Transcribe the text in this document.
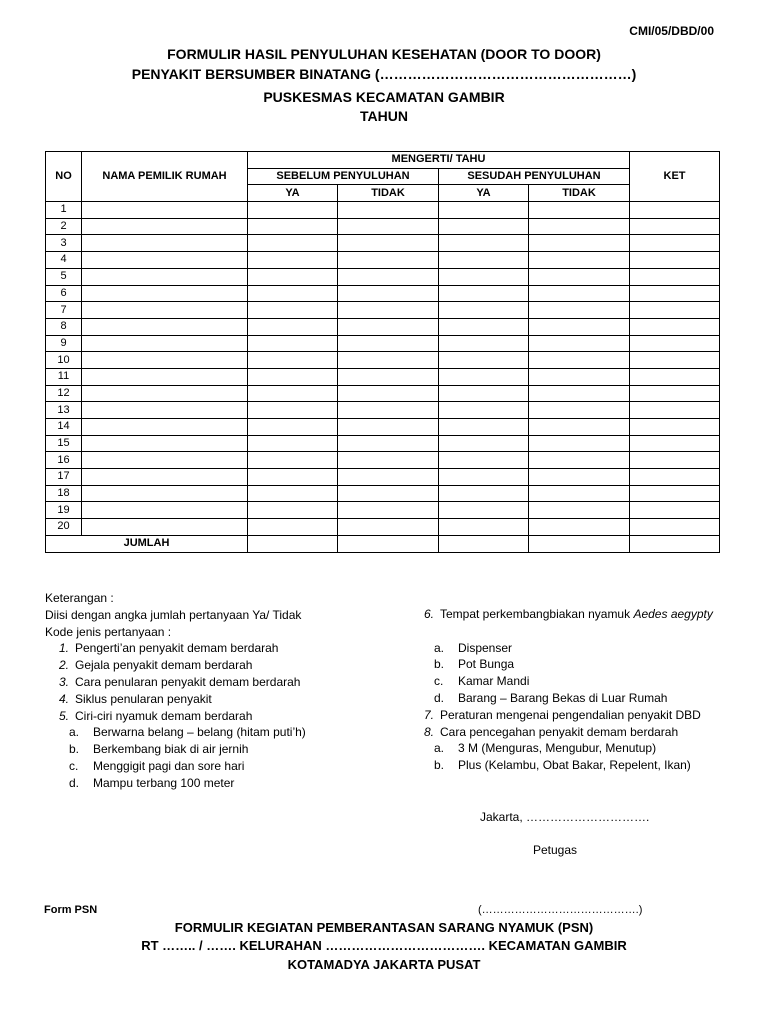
CMI/05/DBD/00
FORMULIR HASIL PENYULUHAN KESEHATAN (DOOR TO DOOR)
PENYAKIT BERSUMBER BINATANG (………………………………………………)
PUSKESMAS KECAMATAN GAMBIR
TAHUN
NO	NAMA PEMILIK RUMAH	MENGERTI/ TAHU				KET
		SEBELUM PENYULUHAN		SESUDAH PENYULUHAN		
		YA	TIDAK	YA	TIDAK	
1						
2						
3						
4						
5						
6						
7						
8						
9						
10						
11						
12						
13						
14						
15						
16						
17						
18						
19						
20						
JUMLAH						
Keterangan :
Diisi dengan angka jumlah pertanyaan Ya/ Tidak
Kode jenis pertanyaan :
1. Pengerti’an penyakit demam berdarah
2. Gejala penyakit demam berdarah
3. Cara penularan penyakit demam berdarah
4. Siklus penularan penyakit
5. Ciri-ciri nyamuk demam berdarah
a.	Berwarna belang – belang (hitam puti’h)
b.	Berkembang biak di air jernih
c.	Menggigit pagi dan sore hari
d.	Mampu terbang 100 meter
6. Tempat perkembangbiakan nyamuk Aedes aegypty
a.	Dispenser
b.	Pot Bunga
c.	Kamar Mandi
d.	Barang – Barang Bekas di Luar Rumah
7. Peraturan mengenai pengendalian penyakit DBD
8. Cara pencegahan penyakit demam berdarah
a.	3 M (Menguras, Mengubur, Menutup)
b.	Plus (Kelambu, Obat Bakar, Repelent, Ikan)
Jakarta, ………………………….
Petugas
Form PSN	(…………………………………….)
FORMULIR KEGIATAN PEMBERANTASAN SARANG NYAMUK (PSN)
RT …….. / ……. KELURAHAN ………………………………. KECAMATAN GAMBIR
KOTAMADYA JAKARTA PUSAT
